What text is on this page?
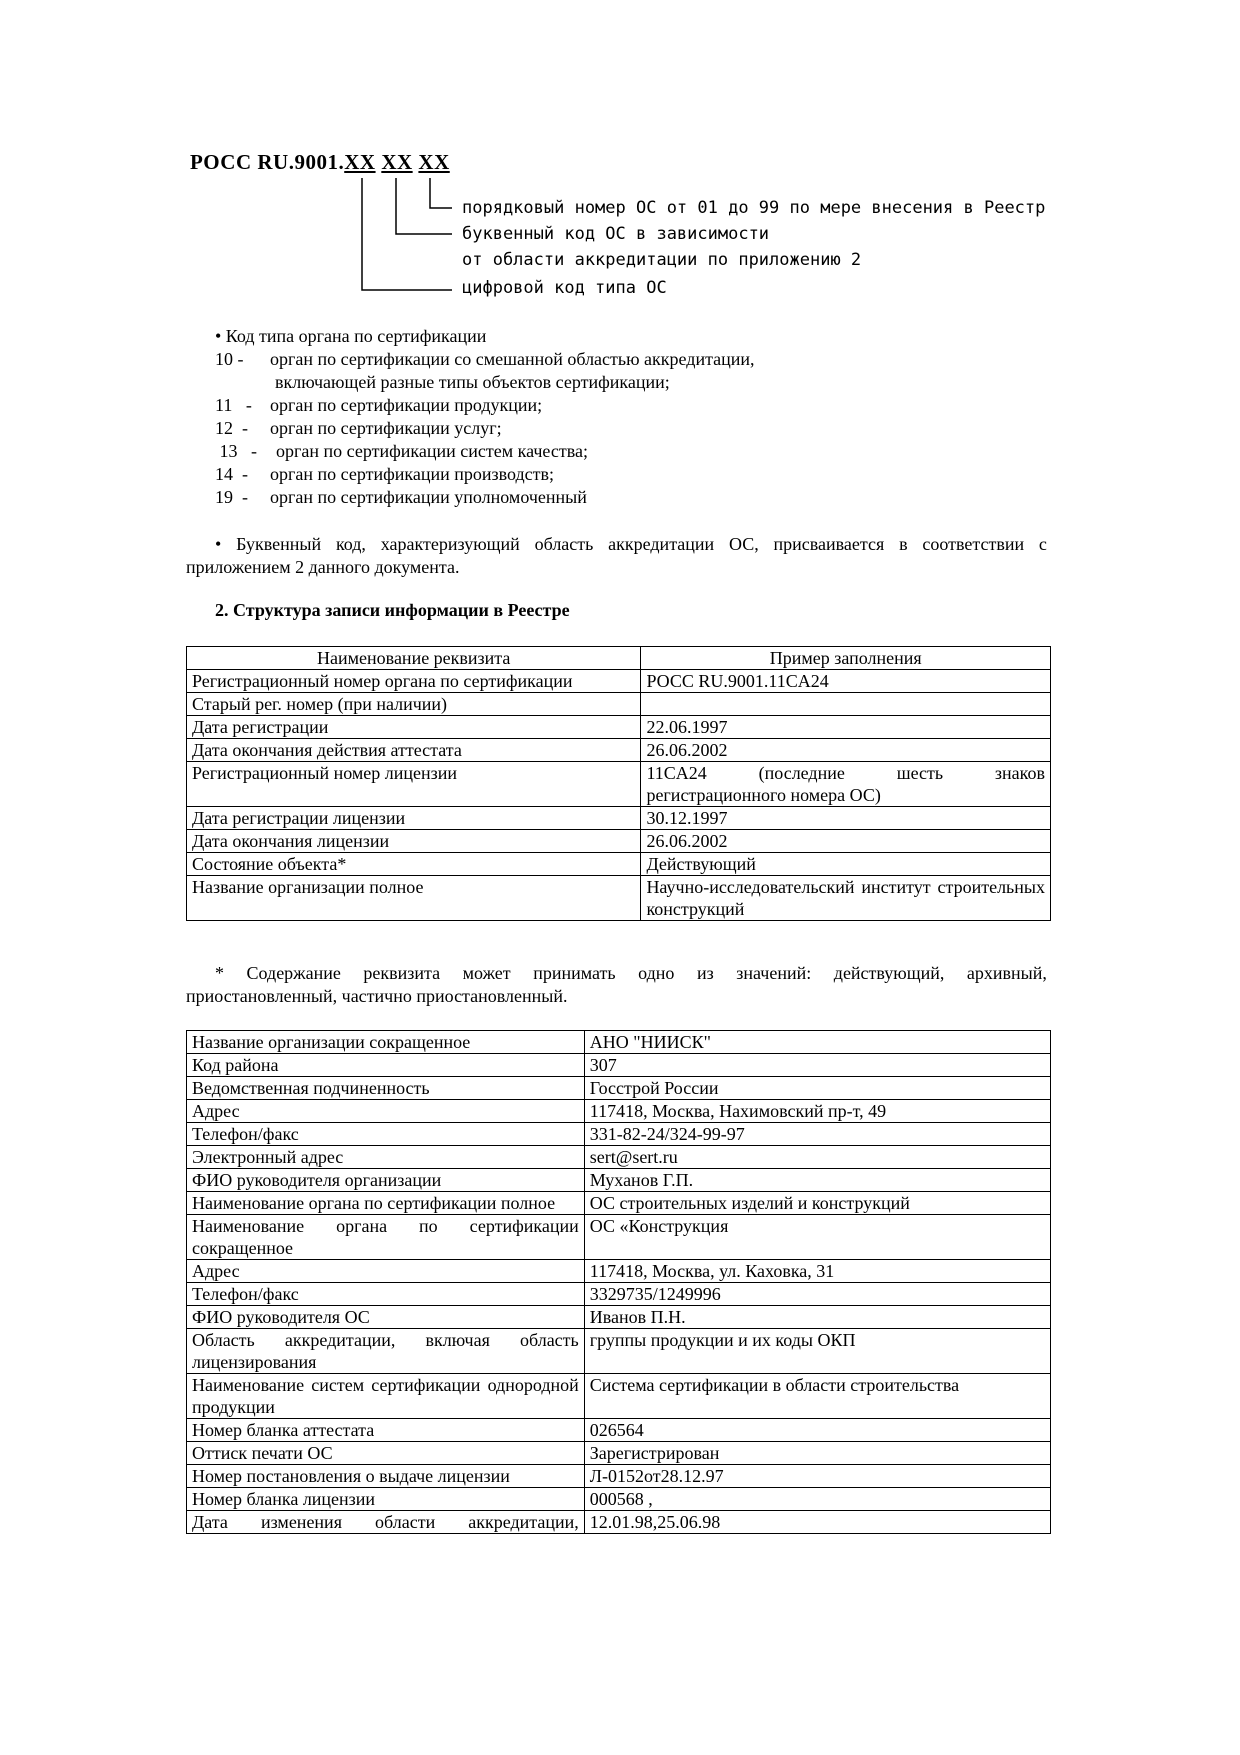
РОСС RU.9001.XX XX XX
порядковый номер ОС от 01 до 99 по мере внесения в Реестр
буквенный код ОС в зависимости
от области аккредитации по приложению 2
цифровой код типа ОС
• Код типа органа по сертификации
10 - орган по сертификации со смешанной областью аккредитации,
включающей разные типы объектов сертификации;
11   - орган по сертификации продукции;
12  - орган по сертификации услуг;
13   - орган по сертификации систем качества;
14  - орган по сертификации производств;
19  - орган по сертификации уполномоченный
• Буквенный код, характеризующий область аккредитации ОС, присваивается в соответствии с
приложением 2 данного документа.
2. Структура записи информации в Реестре
Наименование реквизита	Пример заполнения
Регистрационный номер органа по сертификации	РОСС RU.9001.11CA24
Старый рег. номер (при наличии)	
Дата регистрации	22.06.1997
Дата окончания действия аттестата	26.06.2002
Регистрационный номер лицензии	11CA24 (последние шесть знаков регистрационного номера ОС)
Дата регистрации лицензии	30.12.1997
Дата окончания лицензии	26.06.2002
Состояние объекта*	Действующий
Название организации полное	Научно-исследовательский институт строительных конструкций
* Содержание реквизита может принимать одно из значений: действующий, архивный,
приостановленный, частично приостановленный.
Название организации сокращенное	АНО "НИИСК"
Код района	307
Ведомственная подчиненность	Госстрой России
Адрес	117418, Москва, Нахимовский пр-т, 49
Телефон/факс	331-82-24/324-99-97
Электронный адрес	sert@sert.ru
ФИО руководителя организации	Муханов Г.П.
Наименование органа по сертификации полное	ОС строительных изделий и конструкций
Наименование органа по сертификации сокращенное	ОС «Конструкция
Адрес	117418, Москва, ул. Каховка, 31
Телефон/факс	3329735/1249996
ФИО руководителя ОС	Иванов П.Н.
Область аккредитации, включая область лицензирования	группы продукции и их коды ОКП
Наименование систем сертификации однородной продукции	Система сертификации в области строительства
Номер бланка аттестата	026564
Оттиск печати ОС	Зарегистрирован
Номер постановления о выдаче лицензии	Л-0152от28.12.97
Номер бланка лицензии	000568 ,

Дата изменения области аккредитации,	12.01.98,25.06.98
